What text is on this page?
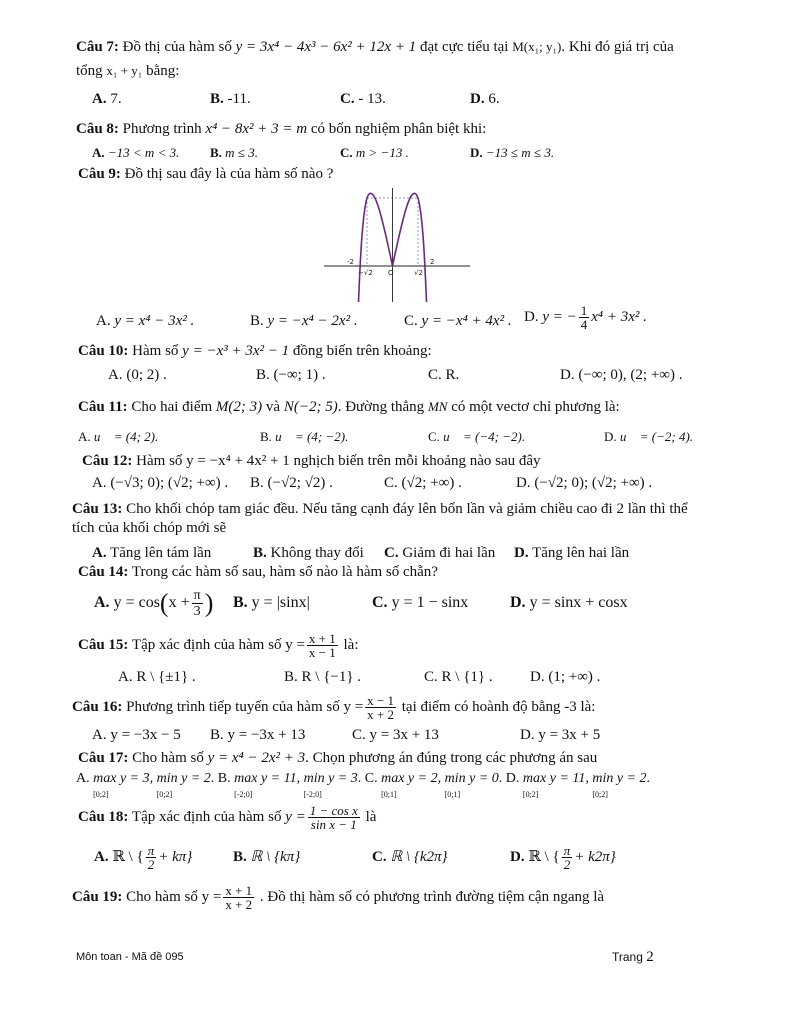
Câu 7: Đồ thị của hàm số y = 3x⁴ − 4x³ − 6x² + 12x + 1 đạt cực tiểu tại M(x₁; y₁). Khi đó giá trị của
tổng x₁ + y₁ bằng:
A. 7.	B. -11.	C. - 13.	D. 6.
Câu 8: Phương trình x⁴ − 8x² + 3 = m có bốn nghiệm phân biệt khi:
A. −13 < m < 3. B. m ≤ 3.	C. m > −13 .	D. −13 ≤ m ≤ 3.
Câu 9: Đồ thị sau đây là của hàm số nào ?
-2	2
O
−√2	√2
A. y = x⁴ − 3x² .	B. y = −x⁴ − 2x² .	C. y = −x⁴ + 4x² . D. y = − $\frac{1}{4} x^4 + 3x^2$ .
Câu 10: Hàm số y = −x³ + 3x² − 1 đồng biến trên khoảng:
A. (0; 2) .	B. (−∞; 1) .	C. R.	D. (−∞; 0), (2; +∞) .
Câu 11: Cho hai điểm M(2; 3) và N(−2; 5). Đường thẳng MN có một vectơ chỉ phương là:
A. u⃗ = (4; 2).	B. u⃗ = (4; −2).	C. u⃗ = (−4; −2).	D. u⃗ = (−2; 4).
Câu 12: Hàm số y = −x⁴ + 4x² + 1 nghịch biến trên mỗi khoảng nào sau đây
A. (−√3; 0); (√2; +∞) . B. (−√2; √2) .	C. (√2; +∞) .	D. (−√2; 0); (√2; +∞) .
Câu 13: Cho khối chóp tam giác đều. Nếu tăng cạnh đáy lên bốn lần và giảm chiều cao đi 2 lần thì thể
tích của khối chóp mới sẽ
A. Tăng lên tám lần	B. Không thay đổi C. Giảm đi hai lần D. Tăng lên hai lần
Câu 14: Trong các hàm số sau, hàm số nào là hàm số chẵn?
A. $y = \cos(x + \frac{\pi}{3}$ ) B. y = |sinx|	C. y = 1 − sinx	D. y = sinx + cosx
Câu 15: Tập xác định của hàm số $y = \frac{x + 1}{x - 1}$ là:
A. R \ {±1} .	B. R \ {−1} .	C. R \ {1} . D. (1; +∞) .
Câu 16: Phương trình tiếp tuyến của hàm số $y = \frac{x - 1}{x + 2}$ tại điểm có hoành độ bằng -3 là:
A. y = −3x − 5 B. y = −3x + 13	C. y = 3x + 13	D. y = 3x + 5
Câu 17: Cho hàm số y = x⁴ − 2x² + 3. Chọn phương án đúng trong các phương án sau
A. max y = 3,
[0;2]
min y = 2
[0;2]
. B. max y = 11,
[-2;0]
min y = 3
[-2;0]
. C. max y = 2,
[0;1]
min y = 0
[0;1]
. D. max y = 11,
[0;2]
min y = 2
[0;2]
.
Câu 18: Tập xác định của hàm số $y = \frac{\text{1 − cos x}}{\text{sin x − 1}}$ là
A. ℝ \ { $\frac{\pi}{2} + k\pi$}	B. ℝ \ {kπ}	C. ℝ \ {k2π}	D. ℝ \ { $\frac{\pi}{2} + k2\pi$}
Câu 19: Cho hàm số $y = \frac{x + 1}{x + 2}$ . Đồ thị hàm số có phương trình đường tiệm cận ngang là
Môn toan - Mã đề 095	Trang 2
